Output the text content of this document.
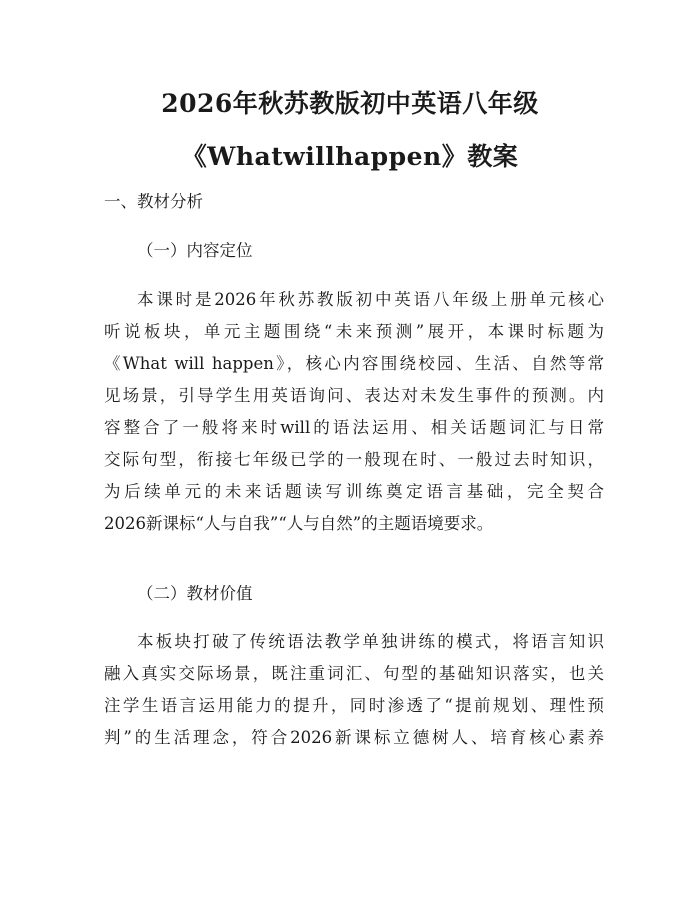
2026年秋苏教版初中英语八年级
《Whatwillhappen》教案
一、教材分析
（一）内容定位
本课时是2026年秋苏教版初中英语八年级上册单元核心
听说板块，单元主题围绕“未来预测”展开，本课时标题为
《What will happen》，核心内容围绕校园、生活、自然等常
见场景，引导学生用英语询问、表达对未发生事件的预测。内
容整合了一般将来时will的语法运用、相关话题词汇与日常
交际句型，衔接七年级已学的一般现在时、一般过去时知识，
为后续单元的未来话题读写训练奠定语言基础，完全契合
2026新课标“人与自我”“人与自然”的主题语境要求。
（二）教材价值
本板块打破了传统语法教学单独讲练的模式，将语言知识
融入真实交际场景，既注重词汇、句型的基础知识落实，也关
注学生语言运用能力的提升，同时渗透了“提前规划、理性预
判”的生活理念，符合2026新课标立德树人、培育核心素养
